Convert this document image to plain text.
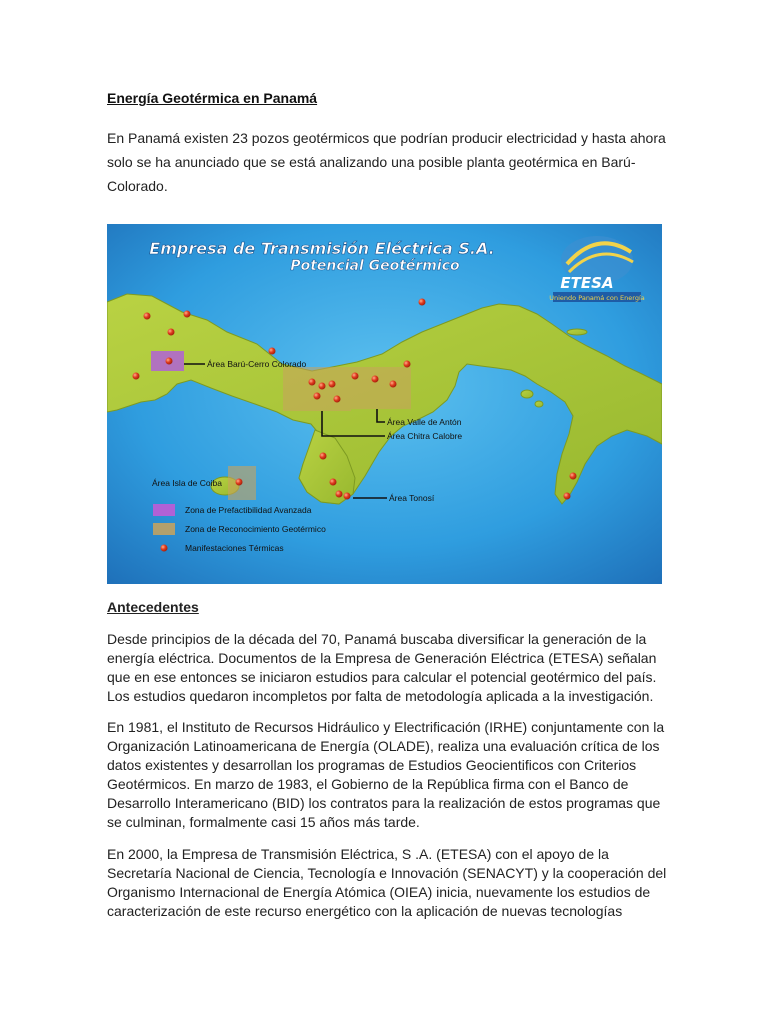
Energía Geotérmica en Panamá

En Panamá existen 23 pozos geotérmicos que podrían producir electricidad y hasta ahora solo se ha anunciado que se está analizando una posible planta geotérmica en Barú-Colorado.

Empresa de Transmisión Eléctrica S.A.
Potencial Geotérmico
ETESA
Uniendo Panamá con Energía
Área Barú-Cerro Colorado
Área Valle de Antón
Área Chitra Calobre
Área Isla de Coiba
Área Tonosí
Zona de Prefactibilidad Avanzada
Zona de Reconocimiento Geotérmico
Manifestaciones Térmicas
Antecedentes

Desde principios de la década del 70, Panamá buscaba diversificar la generación de la energía eléctrica. Documentos de la Empresa de Generación Eléctrica (ETESA) señalan que en ese entonces se iniciaron estudios para calcular el potencial geotérmico del país. Los estudios quedaron incompletos por falta de metodología aplicada a la investigación.

En 1981, el Instituto de Recursos Hidráulico y Electrificación (IRHE) conjuntamente con la Organización Latinoamericana de Energía (OLADE), realiza una evaluación crítica de los datos existentes y desarrollan los programas de Estudios Geocientificos con Criterios Geotérmicos. En marzo de 1983, el Gobierno de la República firma con el Banco de Desarrollo Interamericano (BID) los contratos para la realización de estos programas que se culminan, formalmente casi 15 años más tarde.

En 2000, la Empresa de Transmisión Eléctrica, S .A. (ETESA) con el apoyo de la Secretaría Nacional de Ciencia, Tecnología e Innovación (SENACYT) y la cooperación del Organismo Internacional de Energía Atómica (OIEA) inicia, nuevamente los estudios de caracterización de este recurso energético con la aplicación de nuevas tecnologías
